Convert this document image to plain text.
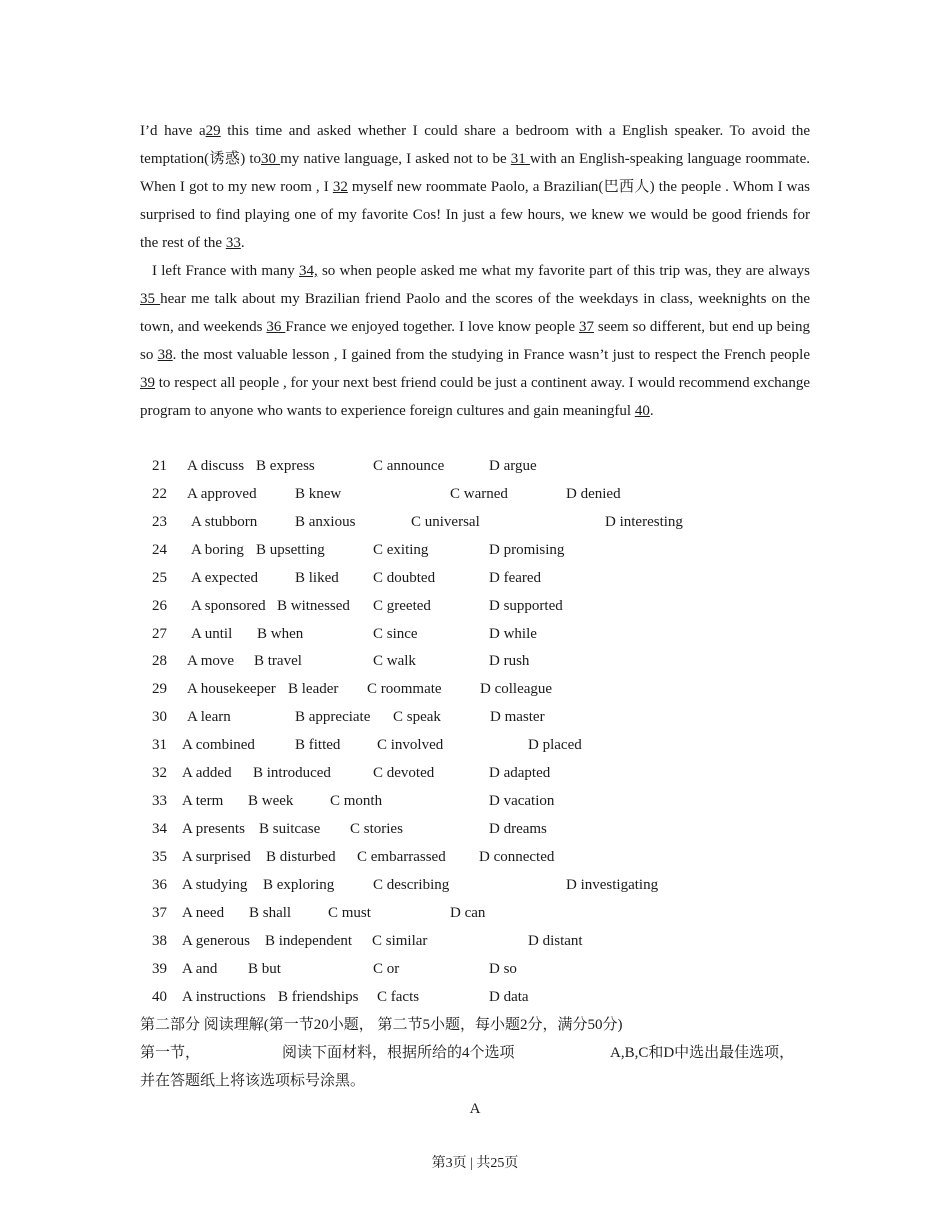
I’d have a29 this time and asked whether I could share a bedroom with a English speaker. To avoid the temptation(诱惑) to30 my native language, I asked not to be 31 with an English-speaking language roommate. When I got to my new room , I 32 myself new roommate Paolo, a Brazilian(巴西人) the people . Whom I was surprised to find playing one of my favorite Cos! In just a few hours, we knew we would be good friends for the rest of the 33.

I left France with many 34, so when people asked me what my favorite part of this trip was, they are always 35 hear me talk about my Brazilian friend Paolo and the scores of the weekdays in class, weeknights on the town, and weekends 36 France we enjoyed together. I love know people 37 seem so different, but end up being so 38. the most valuable lesson , I gained from the studying in France wasn’t just to respect the French people 39 to respect all people , for your next best friend could be just a continent away. I would recommend exchange program to anyone who wants to experience foreign cultures and gain meaningful 40.

21 A discuss B express	C announce	D argue
22 A approved	B knew	C warned	D denied
23 A stubborn	B anxious	C universal	D interesting
24 A boring B upsetting	C exiting	D promising
25 A expected B liked C doubted	D feared
26 A sponsored B witnessed C greeted	D supported
27 A until B when	C since	D while
28 A move B travel	C walk	D rush
29 A housekeeper B leader C roommate	D colleague
30 A learn	B appreciate C speak	D master
31 A combined	B fitted C involved	D placed
32 A added B introduced	C devoted	D adapted
33 A term B week C month	D vacation
34 A presents B suitcase C stories	D dreams
35 A surprised B disturbed C embarrassed D connected
36 A studying B exploring	C describing	D investigating
37 A need B shall C must	D can
38 A generous B independent C similar	D distant
39 A and B but	C or	D so
40 A instructions B friendships C facts	D data
第二部分 阅读理解(第一节20小题， 第二节5小题，每小题2分，满分50分)
第一节，	阅读下面材料，根据所给的4个选项	A,B,C和D中选出最佳选项，
并在答题纸上将该选项标号涂黑。
A
第3页 | 共25页
